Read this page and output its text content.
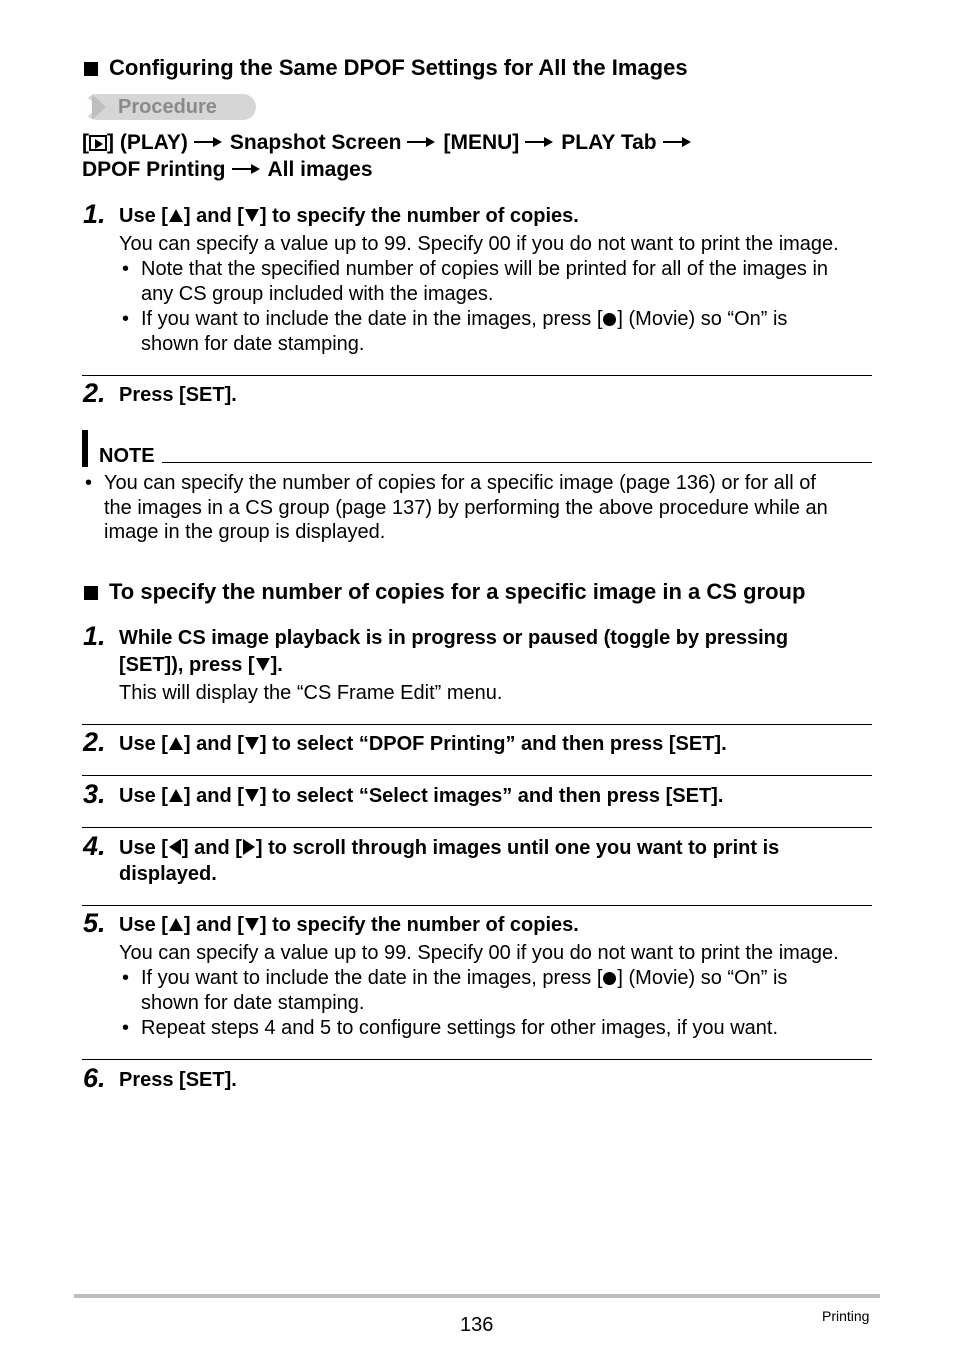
Configuring the Same DPOF Settings for All the Images
Procedure
[ ] (PLAY) Snapshot Screen [MENU] PLAY Tab
DPOF Printing All images
1. Use [ ] and [ ] to specify the number of copies.
You can specify a value up to 99. Specify 00 if you do not want to print the image.
• Note that the specified number of copies will be printed for all of the images in
any CS group included with the images.
• If you want to include the date in the images, press [ ] (Movie) so “On” is
shown for date stamping.
2. Press [SET].
NOTE
• You can specify the number of copies for a specific image (page 136) or for all of
the images in a CS group (page 137) by performing the above procedure while an
image in the group is displayed.
To specify the number of copies for a specific image in a CS group
1. While CS image playback is in progress or paused (toggle by pressing
[SET]), press [ ].
This will display the “CS Frame Edit” menu.
2. Use [ ] and [ ] to select “DPOF Printing” and then press [SET].
3. Use [ ] and [ ] to select “Select images” and then press [SET].
4. Use [ ] and [ ] to scroll through images until one you want to print is
displayed.
5. Use [ ] and [ ] to specify the number of copies.
You can specify a value up to 99. Specify 00 if you do not want to print the image.
• If you want to include the date in the images, press [ ] (Movie) so “On” is
shown for date stamping.
• Repeat steps 4 and 5 to configure settings for other images, if you want.
6. Press [SET].
136	Printing
